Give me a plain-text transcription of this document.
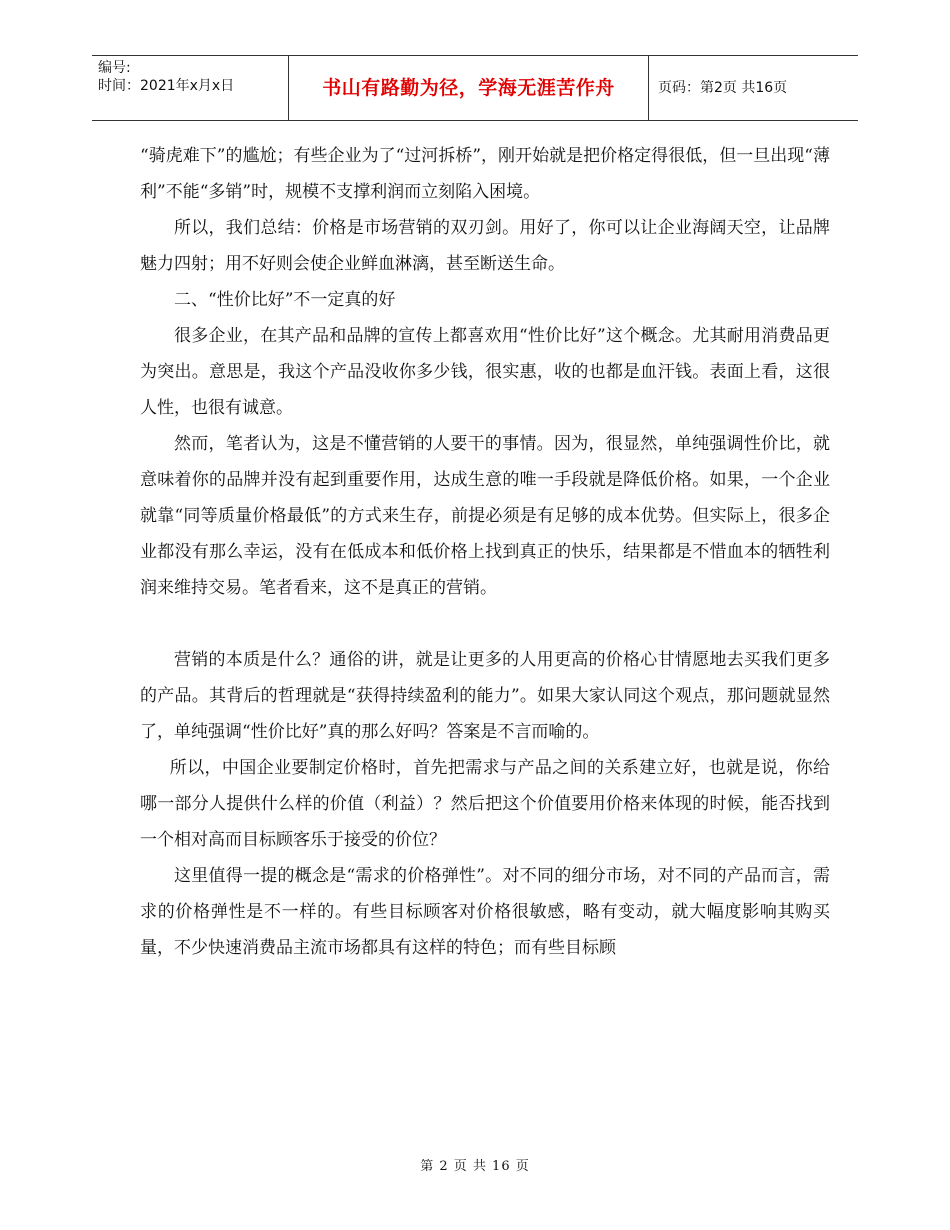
编号:
时间：2021年x月x日	书山有路勤为径，学海无涯苦作舟	页码：第2页 共16页

“骑虎难下”的尴尬；有些企业为了“过河拆桥”，刚开始就是把价格定得很低，但一旦出现“薄利”不能“多销”时，规模不支撑利润而立刻陷入困境。

所以，我们总结：价格是市场营销的双刃剑。用好了，你可以让企业海阔天空，让品牌魅力四射；用不好则会使企业鲜血淋漓，甚至断送生命。

二、“性价比好”不一定真的好

很多企业，在其产品和品牌的宣传上都喜欢用“性价比好”这个概念。尤其耐用消费品更为突出。意思是，我这个产品没收你多少钱，很实惠，收的也都是血汗钱。表面上看，这很人性，也很有诚意。

然而，笔者认为，这是不懂营销的人要干的事情。因为，很显然，单纯强调性价比，就意味着你的品牌并没有起到重要作用，达成生意的唯一手段就是降低价格。如果，一个企业就靠“同等质量价格最低”的方式来生存，前提必须是有足够的成本优势。但实际上，很多企业都没有那么幸运，没有在低成本和低价格上找到真正的快乐，结果都是不惜血本的牺牲利润来维持交易。笔者看来，这不是真正的营销。

营销的本质是什么？通俗的讲，就是让更多的人用更高的价格心甘情愿地去买我们更多的产品。其背后的哲理就是“获得持续盈利的能力”。如果大家认同这个观点，那问题就显然了，单纯强调“性价比好”真的那么好吗？答案是不言而喻的。

所以，中国企业要制定价格时，首先把需求与产品之间的关系建立好，也就是说，你给哪一部分人提供什么样的价值（利益）？然后把这个价值要用价格来体现的时候，能否找到一个相对高而目标顾客乐于接受的价位？

这里值得一提的概念是“需求的价格弹性”。对不同的细分市场，对不同的产品而言，需求的价格弹性是不一样的。有些目标顾客对价格很敏感，略有变动，就大幅度影响其购买量，不少快速消费品主流市场都具有这样的特色；而有些目标顾

第 2 页 共 16 页
